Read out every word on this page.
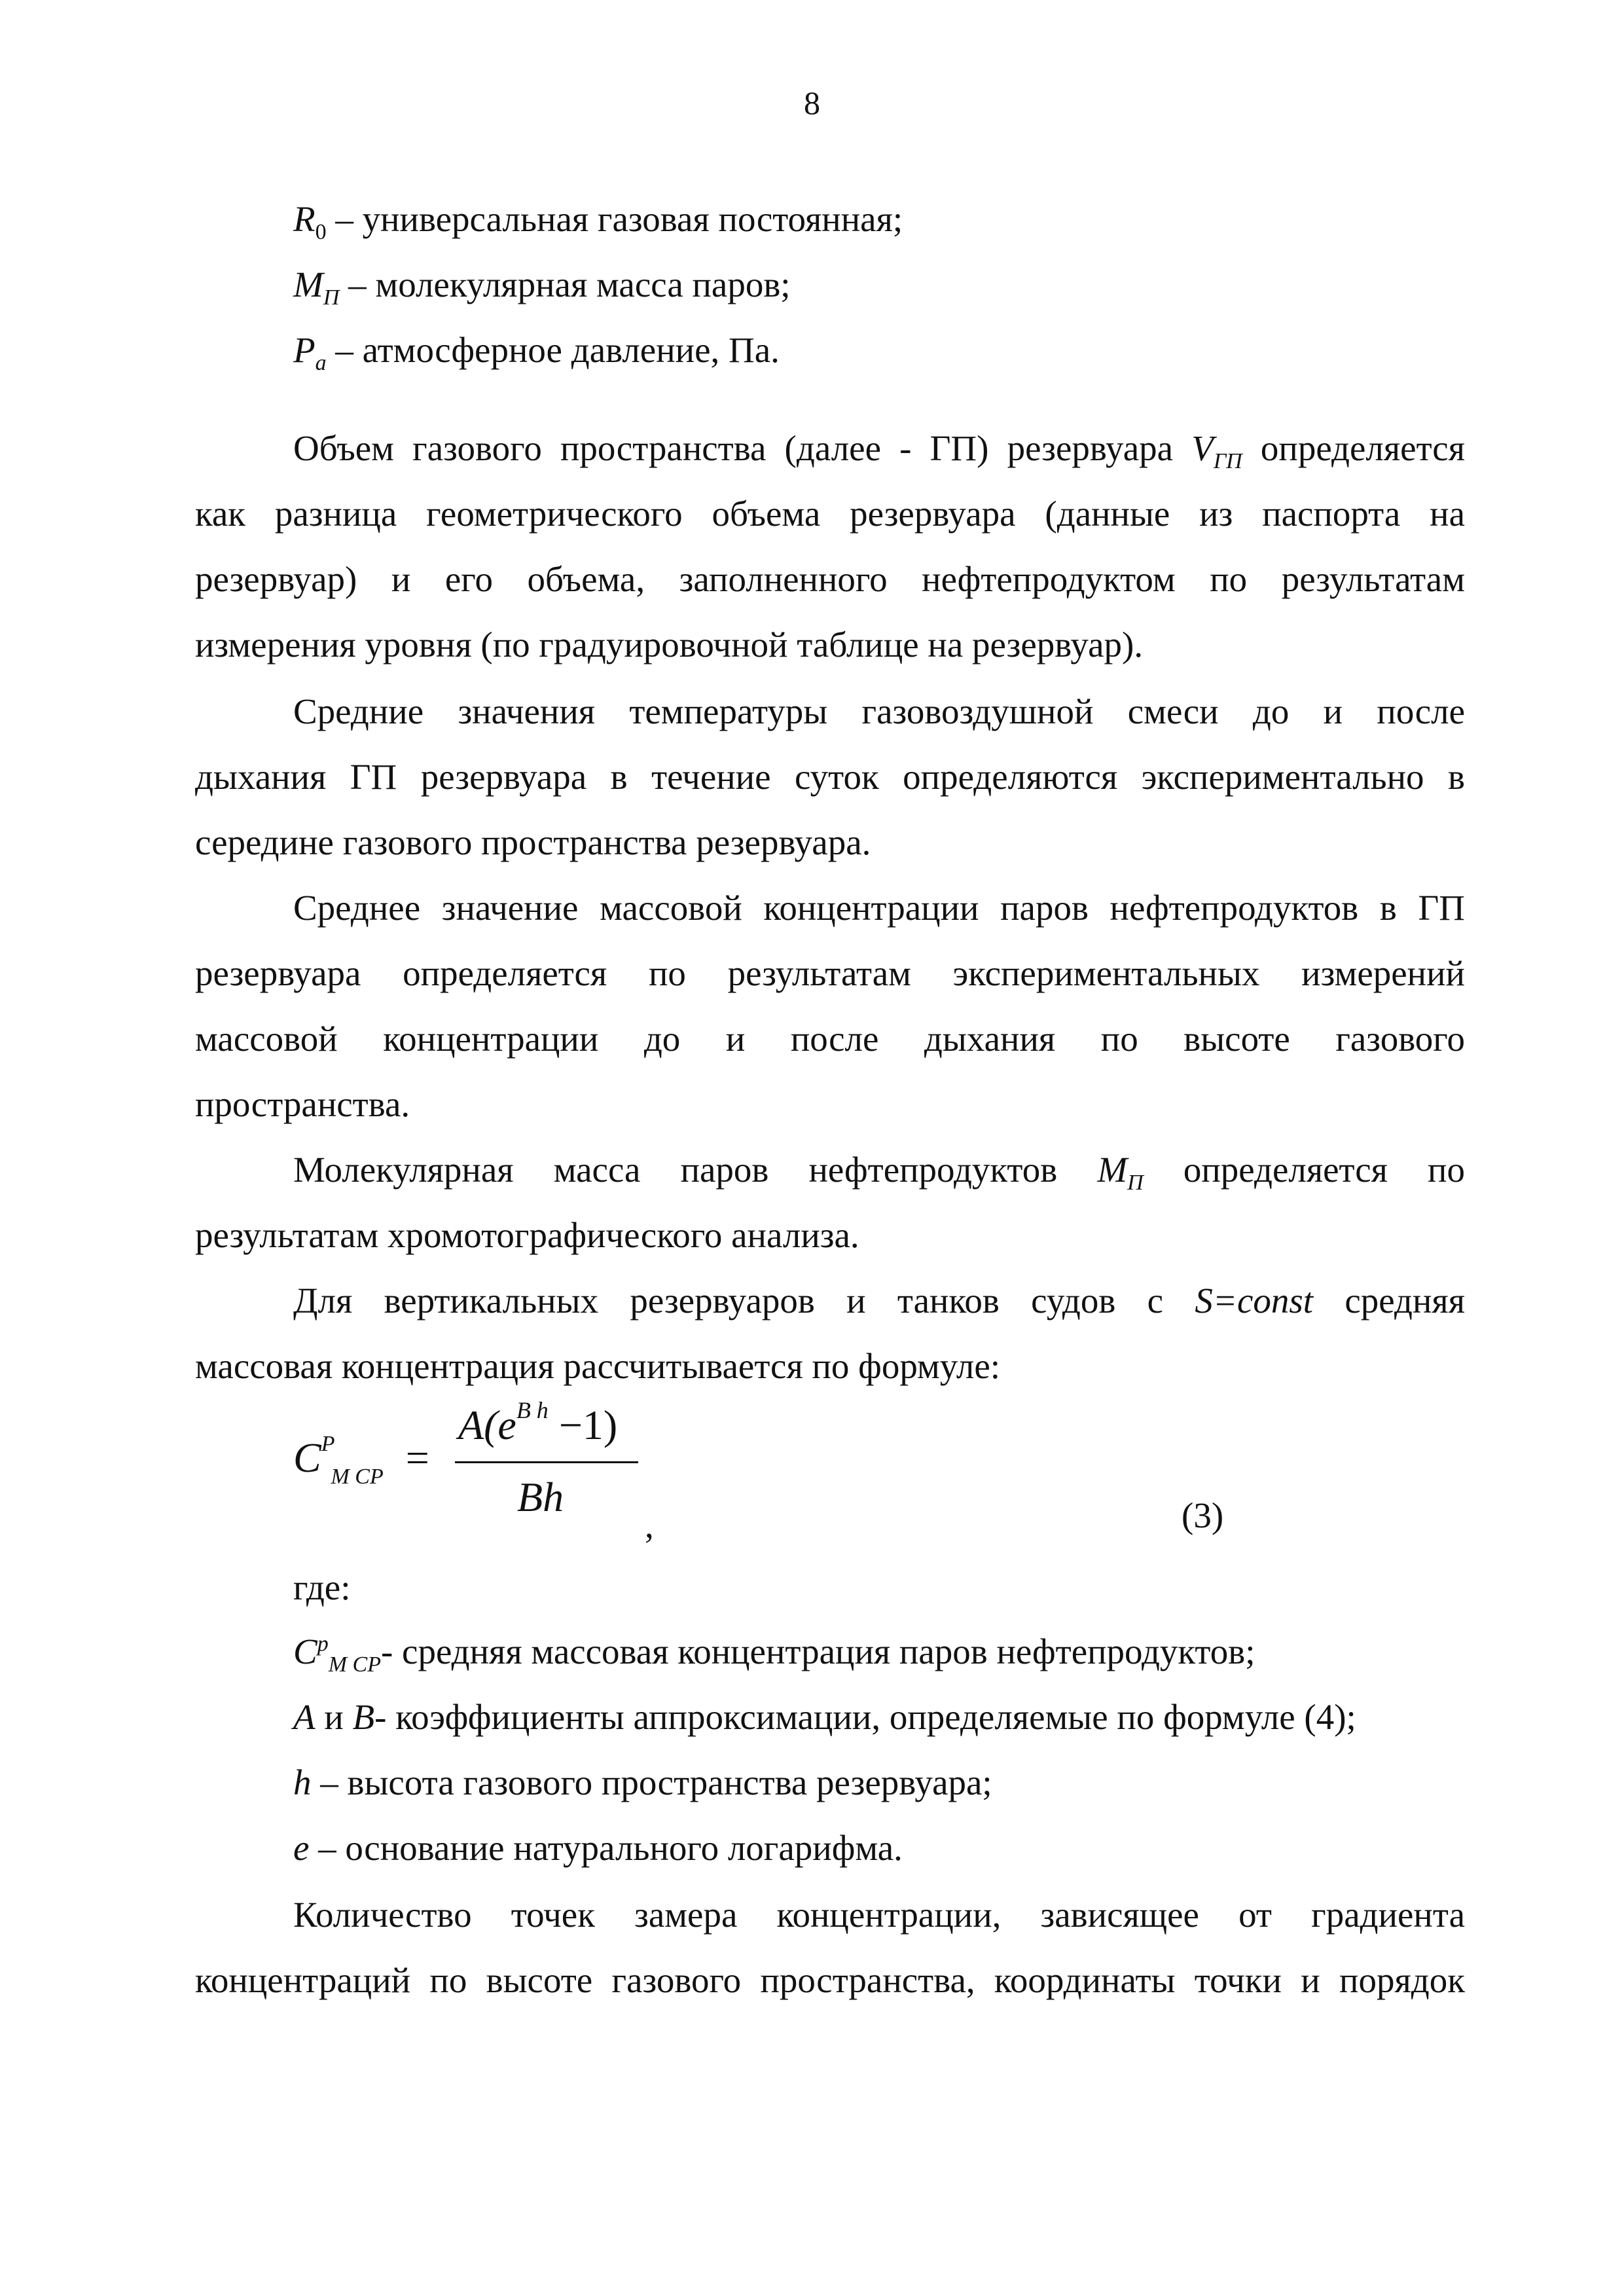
8
$R_0$ – универсальная газовая постоянная;
$M_П$ – молекулярная масса паров;
$P_a$ – атмосферное давление, Па.
Объем газового пространства (далее - ГП) резервуара $V_{ГП}$ определяется
как разница геометрического объема резервуара (данные из паспорта на
резервуар) и его объема, заполненного нефтепродуктом по результатам
измерения уровня (по градуировочной таблице на резервуар).
Средние значения температуры газовоздушной смеси до и после
дыхания ГП резервуара в течение суток определяются экспериментально в
середине газового пространства резервуара.
Среднее значение массовой концентрации паров нефтепродуктов в ГП
резервуара определяется по результатам экспериментальных измерений
массовой концентрации до и после дыхания по высоте газового
пространства.
Молекулярная масса паров нефтепродуктов $M_П$ определяется по
результатам хромотографического анализа.
Для вертикальных резервуаров и танков судов с S=const средняя
массовая концентрация рассчитывается по формуле:
$C^P_{M CP}$ =
$A(e^{B h} -1)$
Bh
,	(3)
где:
$C^p_{M CP}-$ средняя массовая концентрация паров нефтепродуктов;
A и B- коэффициенты аппроксимации, определяемые по формуле (4);
h – высота газового пространства резервуара;
e – основание натурального логарифма.
Количество точек замера концентрации, зависящее от градиента
концентраций по высоте газового пространства, координаты точки и порядок
